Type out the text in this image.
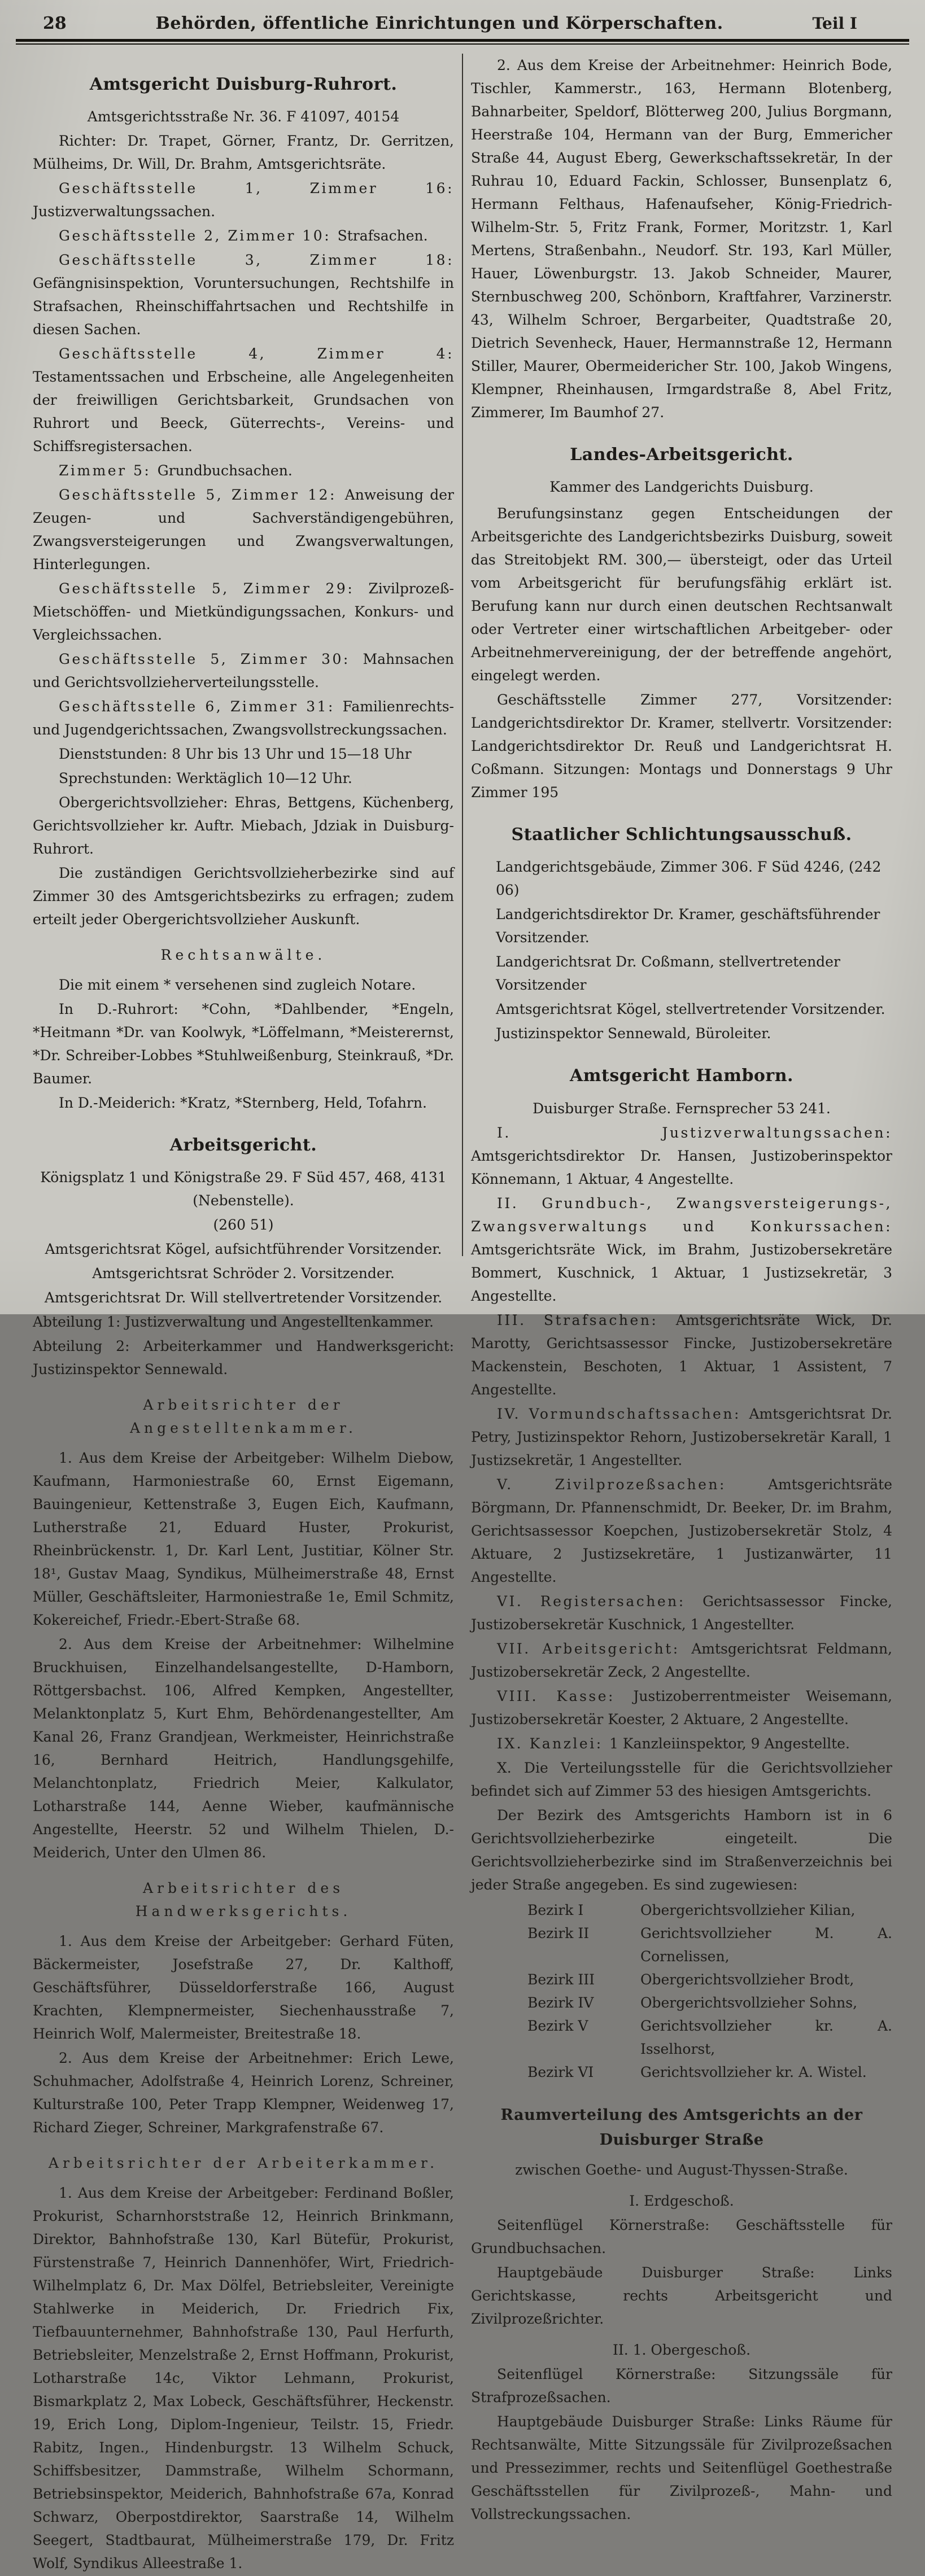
28	Behörden, öffentliche Einrichtungen und Körperschaften.	Teil I
Amtsgericht Duisburg-Ruhrort.
Amtsgerichtsstraße Nr. 36. F 41097, 40154

Richter: Dr. Trapet, Görner, Frantz, Dr. Gerritzen, Mülheims, Dr. Will, Dr. Brahm, Amtsgerichtsräte.

Geschäftsstelle 1, Zimmer 16: Justizverwaltungssachen.

Geschäftsstelle 2, Zimmer 10: Strafsachen.

Geschäftsstelle 3, Zimmer 18: Gefängnisinspektion, Voruntersuchungen, Rechtshilfe in Strafsachen, Rheinschiffahrtsachen und Rechtshilfe in diesen Sachen.

Geschäftsstelle 4, Zimmer 4: Testamentssachen und Erbscheine, alle Angelegenheiten der freiwilligen Gerichtsbarkeit, Grundsachen von Ruhrort und Beeck, Güterrechts-, Vereins- und Schiffsregistersachen.

Zimmer 5: Grundbuchsachen.

Geschäftsstelle 5, Zimmer 12: Anweisung der Zeugen- und Sachverständigengebühren, Zwangsversteigerungen und Zwangsverwaltungen, Hinterlegungen.

Geschäftsstelle 5, Zimmer 29: Zivilprozeß- Mietschöffen- und Mietkündigungssachen, Konkurs- und Vergleichssachen.

Geschäftsstelle 5, Zimmer 30: Mahnsachen und Gerichtsvollzieherverteilungsstelle.

Geschäftsstelle 6, Zimmer 31: Familienrechts- und Jugendgerichtssachen, Zwangsvollstreckungssachen.

Dienststunden: 8 Uhr bis 13 Uhr und 15—18 Uhr

Sprechstunden: Werktäglich 10—12 Uhr.

Obergerichtsvollzieher: Ehras, Bettgens, Küchenberg, Gerichtsvollzieher kr. Auftr. Miebach, Jdziak in Duisburg-Ruhrort.

Die zuständigen Gerichtsvollzieherbezirke sind auf Zimmer 30 des Amtsgerichtsbezirks zu erfragen; zudem erteilt jeder Obergerichtsvollzieher Auskunft.

Rechtsanwälte.

Die mit einem * versehenen sind zugleich Notare.

In D.-Ruhrort: *Cohn, *Dahlbender, *Engeln, *Heitmann *Dr. van Koolwyk, *Löffelmann, *Meisterernst, *Dr. Schreiber-Lobbes *Stuhlweißenburg, Steinkrauß, *Dr. Baumer.

In D.-Meiderich: *Kratz, *Sternberg, Held, Tofahrn.

Arbeitsgericht.
Königsplatz 1 und Königstraße 29. F Süd 457, 468, 4131 (Nebenstelle).
(260 51)
Amtsgerichtsrat Kögel, aufsichtführender Vorsitzender.
Amtsgerichtsrat Schröder 2. Vorsitzender.
Amtsgerichtsrat Dr. Will stellvertretender Vorsitzender.

Abteilung 1: Justizverwaltung und Angestelltenkammer.

Abteilung 2: Arbeiterkammer und Handwerksgericht: Justizinspektor Sennewald.

Arbeitsrichter der Angestelltenkammer.

1. Aus dem Kreise der Arbeitgeber: Wilhelm Diebow, Kaufmann, Harmoniestraße 60, Ernst Eigemann, Bauingenieur, Kettenstraße 3, Eugen Eich, Kaufmann, Lutherstraße 21, Eduard Huster, Prokurist, Rheinbrückenstr. 1, Dr. Karl Lent, Justitiar, Kölner Str. 18¹, Gustav Maag, Syndikus, Mülheimerstraße 48, Ernst Müller, Geschäftsleiter, Harmoniestraße 1e, Emil Schmitz, Kokereichef, Friedr.-Ebert-Straße 68.

2. Aus dem Kreise der Arbeitnehmer: Wilhelmine Bruckhuisen, Einzelhandelsangestellte, D-Hamborn, Röttgersbachst. 106, Alfred Kempken, Angestellter, Melanktonplatz 5, Kurt Ehm, Behördenangestellter, Am Kanal 26, Franz Grandjean, Werkmeister, Heinrichstraße 16, Bernhard Heitrich, Handlungsgehilfe, Melanchtonplatz, Friedrich Meier, Kalkulator, Lotharstraße 144, Aenne Wieber, kaufmännische Angestellte, Heerstr. 52 und Wilhelm Thielen, D.-Meiderich, Unter den Ulmen 86.

Arbeitsrichter des Handwerksgerichts.

1. Aus dem Kreise der Arbeitgeber: Gerhard Füten, Bäckermeister, Josefstraße 27, Dr. Kalthoff, Geschäftsführer, Düsseldorferstraße 166, August Krachten, Klempnermeister, Siechenhausstraße 7, Heinrich Wolf, Malermeister, Breitestraße 18.

2. Aus dem Kreise der Arbeitnehmer: Erich Lewe, Schuhmacher, Adolfstraße 4, Heinrich Lorenz, Schreiner, Kulturstraße 100, Peter Trapp Klempner, Weidenweg 17, Richard Zieger, Schreiner, Markgrafenstraße 67.

Arbeitsrichter der Arbeiterkammer.

1. Aus dem Kreise der Arbeitgeber: Ferdinand Boßler, Prokurist, Scharnhorststraße 12, Heinrich Brinkmann, Direktor, Bahnhofstraße 130, Karl Bütefür, Prokurist, Fürstenstraße 7, Heinrich Dannenhöfer, Wirt, Friedrich-Wilhelmplatz 6, Dr. Max Dölfel, Betriebsleiter, Vereinigte Stahlwerke in Meiderich, Dr. Friedrich Fix, Tiefbauunternehmer, Bahnhofstraße 130, Paul Herfurth, Betriebsleiter, Menzelstraße 2, Ernst Hoffmann, Prokurist, Lotharstraße 14c, Viktor Lehmann, Prokurist, Bismarkplatz 2, Max Lobeck, Geschäftsführer, Heckenstr. 19, Erich Long, Diplom-Ingenieur, Teilstr. 15, Friedr. Rabitz, Ingen., Hindenburgstr. 13 Wilhelm Schuck, Schiffsbesitzer, Dammstraße, Wilhelm Schormann, Betriebsinspektor, Meiderich, Bahnhofstraße 67a, Konrad Schwarz, Oberpostdirektor, Saarstraße 14, Wilhelm Seegert, Stadtbaurat, Mülheimerstraße 179, Dr. Fritz Wolf, Syndikus Alleestraße 1.

2. Aus dem Kreise der Arbeitnehmer: Heinrich Bode, Tischler, Kammerstr., 163, Hermann Blotenberg, Bahnarbeiter, Speldorf, Blötterweg 200, Julius Borgmann, Heerstraße 104, Hermann van der Burg, Emmericher Straße 44, August Eberg, Gewerkschaftssekretär, In der Ruhrau 10, Eduard Fackin, Schlosser, Bunsenplatz 6, Hermann Felthaus, Hafenaufseher, König-Friedrich-Wilhelm-Str. 5, Fritz Frank, Former, Moritzstr. 1, Karl Mertens, Straßenbahn., Neudorf. Str. 193, Karl Müller, Hauer, Löwenburgstr. 13. Jakob Schneider, Maurer, Sternbuschweg 200, Schönborn, Kraftfahrer, Varzinerstr. 43, Wilhelm Schroer, Bergarbeiter, Quadtstraße 20, Dietrich Sevenheck, Hauer, Hermannstraße 12, Hermann Stiller, Maurer, Obermeidericher Str. 100, Jakob Wingens, Klempner, Rheinhausen, Irmgardstraße 8, Abel Fritz, Zimmerer, Im Baumhof 27.

Landes-Arbeitsgericht.
Kammer des Landgerichts Duisburg.

Berufungsinstanz gegen Entscheidungen der Arbeitsgerichte des Landgerichtsbezirks Duisburg, soweit das Streitobjekt RM. 300,— übersteigt, oder das Urteil vom Arbeitsgericht für berufungsfähig erklärt ist. Berufung kann nur durch einen deutschen Rechtsanwalt oder Vertreter einer wirtschaftlichen Arbeitgeber- oder Arbeitnehmervereinigung, der der betreffende angehört, eingelegt werden.

Geschäftsstelle Zimmer 277, Vorsitzender: Landgerichtsdirektor Dr. Kramer, stellvertr. Vorsitzender: Landgerichtsdirektor Dr. Reuß und Landgerichtsrat H. Coßmann. Sitzungen: Montags und Donnerstags 9 Uhr Zimmer 195

Staatlicher Schlichtungsausschuß.
Landgerichtsgebäude, Zimmer 306. F Süd 4246, (242 06)
Landgerichtsdirektor Dr. Kramer, geschäftsführender Vorsitzender.
Landgerichtsrat Dr. Coßmann, stellvertretender Vorsitzender
Amtsgerichtsrat Kögel, stellvertretender Vorsitzender.
Justizinspektor Sennewald, Büroleiter.
Amtsgericht Hamborn.
Duisburger Straße. Fernsprecher 53 241.

I. Justizverwaltungssachen: Amtsgerichtsdirektor Dr. Hansen, Justizoberinspektor Könnemann, 1 Aktuar, 4 Angestellte.

II. Grundbuch-, Zwangsversteigerungs-, Zwangsverwaltungs und Konkurssachen: Amtsgerichtsräte Wick, im Brahm, Justizobersekretäre Bommert, Kuschnick, 1 Aktuar, 1 Justizsekretär, 3 Angestellte.

III. Strafsachen: Amtsgerichtsräte Wick, Dr. Marotty, Gerichtsassessor Fincke, Justizobersekretäre Mackenstein, Beschoten, 1 Aktuar, 1 Assistent, 7 Angestellte.

IV. Vormundschaftssachen: Amtsgerichtsrat Dr. Petry, Justizinspektor Rehorn, Justizobersekretär Karall, 1 Justizsekretär, 1 Angestellter.

V. Zivilprozeßsachen: Amtsgerichtsräte Börgmann, Dr. Pfannenschmidt, Dr. Beeker, Dr. im Brahm, Gerichtsassessor Koepchen, Justizobersekretär Stolz, 4 Aktuare, 2 Justizsekretäre, 1 Justizanwärter, 11 Angestellte.

VI. Registersachen: Gerichtsassessor Fincke, Justizobersekretär Kuschnick, 1 Angestellter.

VII. Arbeitsgericht: Amtsgerichtsrat Feldmann, Justizobersekretär Zeck, 2 Angestellte.

VIII. Kasse: Justizoberrentmeister Weisemann, Justizobersekretär Koester, 2 Aktuare, 2 Angestellte.

IX. Kanzlei: 1 Kanzleiinspektor, 9 Angestellte.

X. Die Verteilungsstelle für die Gerichtsvollzieher befindet sich auf Zimmer 53 des hiesigen Amtsgerichts.

Der Bezirk des Amtsgerichts Hamborn ist in 6 Gerichtsvollzieherbezirke eingeteilt. Die Gerichtsvollzieherbezirke sind im Straßenverzeichnis bei jeder Straße angegeben. Es sind zugewiesen:

Bezirk I	Obergerichtsvollzieher Kilian,
Bezirk II	Gerichtsvollzieher M. A. Cornelissen,
Bezirk III	Obergerichtsvollzieher Brodt,
Bezirk IV	Obergerichtsvollzieher Sohns,
Bezirk V	Gerichtsvollzieher kr. A. Isselhorst,
Bezirk VI	Gerichtsvollzieher kr. A. Wistel.
Raumverteilung des Amtsgerichts an der Duisburger Straße
zwischen Goethe- und August-Thyssen-Straße.
I. Erdgeschoß.

Seitenflügel Körnerstraße: Geschäftsstelle für Grundbuchsachen.

Hauptgebäude Duisburger Straße: Links Gerichtskasse, rechts Arbeitsgericht und Zivilprozeßrichter.

II. 1. Obergeschoß.

Seitenflügel Körnerstraße: Sitzungssäle für Strafprozeßsachen.

Hauptgebäude Duisburger Straße: Links Räume für Rechtsanwälte, Mitte Sitzungssäle für Zivilprozeßsachen und Pressezimmer, rechts und Seitenflügel Goethestraße Geschäftsstellen für Zivilprozeß-, Mahn- und Vollstreckungssachen.
